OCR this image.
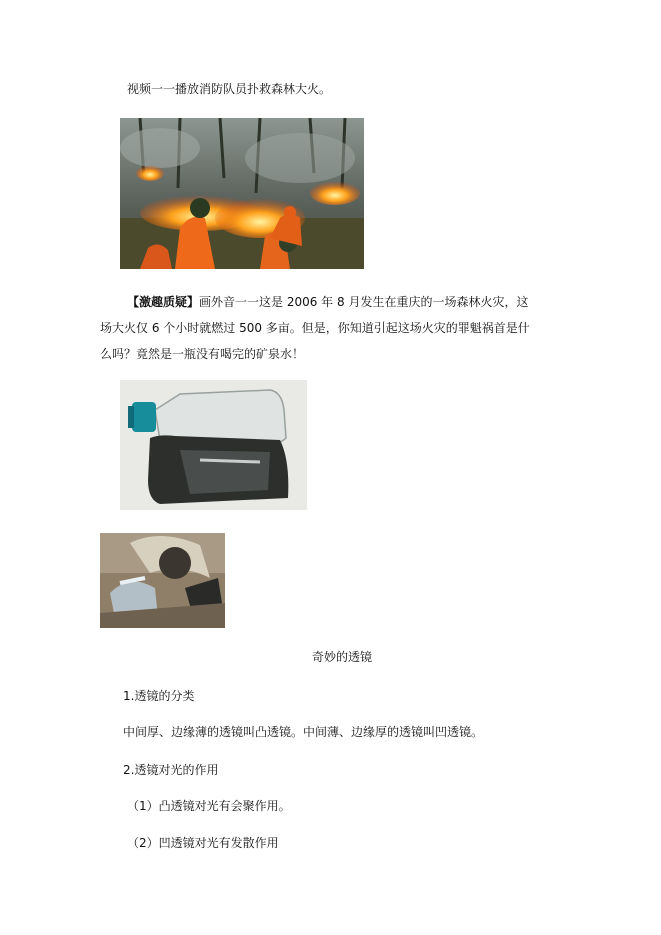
视频一一播放消防队员扑救森林大火。
【激趣质疑】画外音一一这是 2006 年 8 月发生在重庆的一场森林火灾，这
场大火仅 6 个小时就燃过 500 多亩。但是，你知道引起这场火灾的罪魁祸首是什
么吗？竟然是一瓶没有喝完的矿泉水！
奇妙的透镜
1.透镜的分类
中间厚、边缘薄的透镜叫凸透镜。中间薄、边缘厚的透镜叫凹透镜。
2.透镜对光的作用
（1）凸透镜对光有会聚作用。
（2）凹透镜对光有发散作用
